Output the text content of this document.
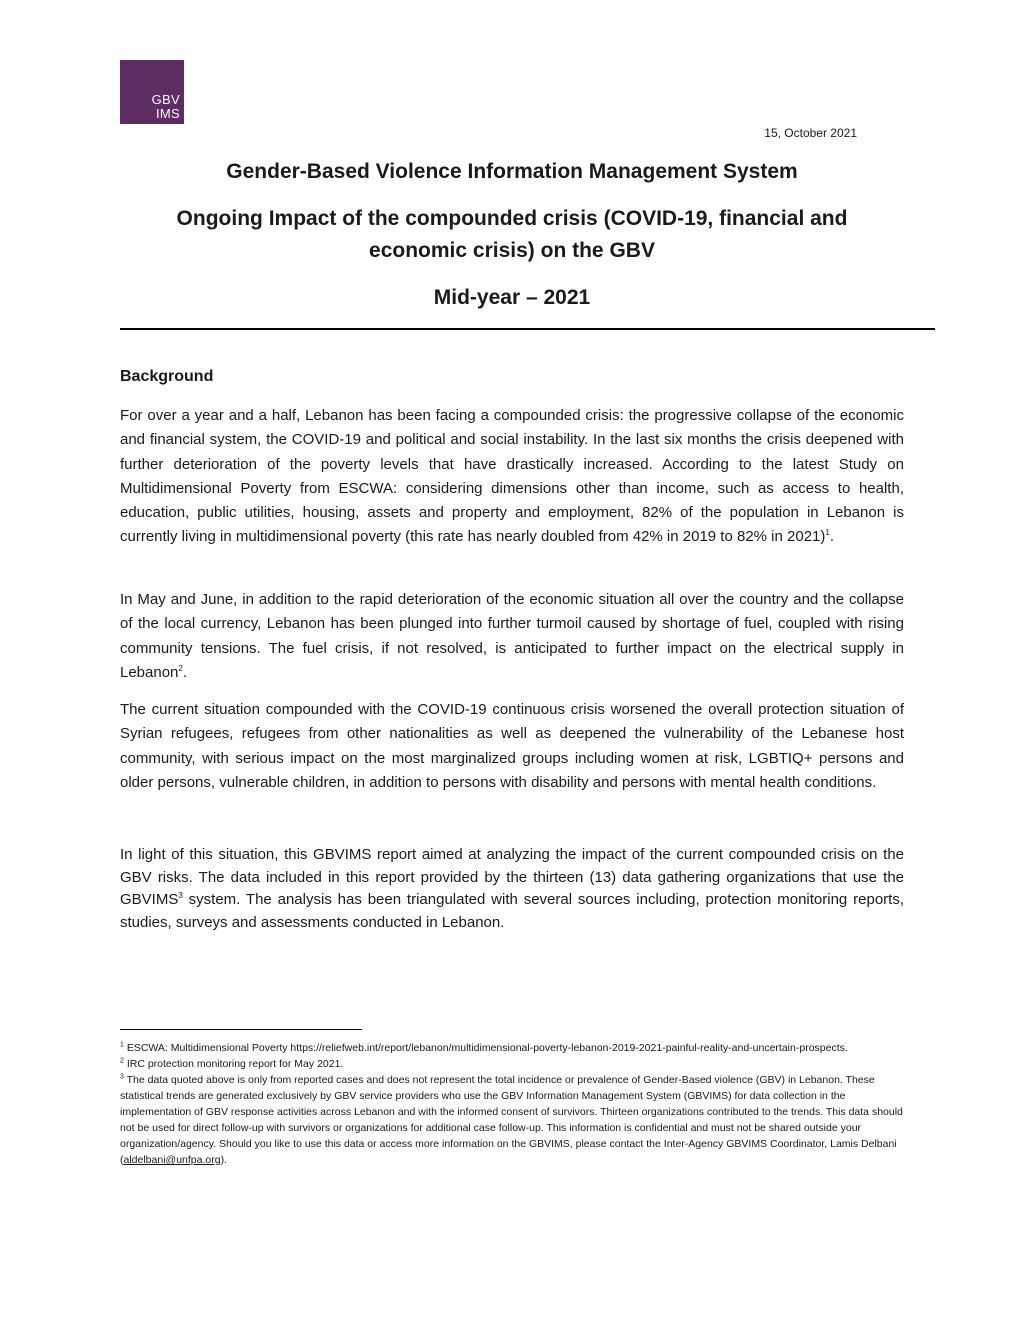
GBV
IMS
15, October 2021
Gender-Based Violence Information Management System
Ongoing Impact of the compounded crisis (COVID-19, financial and
economic crisis) on the GBV
Mid-year – 2021
Background

For over a year and a half, Lebanon has been facing a compounded crisis: the progressive collapse of the economic and financial system, the COVID-19 and political and social instability. In the last six months the crisis deepened with further deterioration of the poverty levels that have drastically increased. According to the latest Study on Multidimensional Poverty from ESCWA: considering dimensions other than income, such as access to health, education, public utilities, housing, assets and property and employment, 82% of the population in Lebanon is currently living in multidimensional poverty (this rate has nearly doubled from 42% in 2019 to 82% in 2021)$^1$.

In May and June, in addition to the rapid deterioration of the economic situation all over the country and the collapse of the local currency, Lebanon has been plunged into further turmoil caused by shortage of fuel, coupled with rising community tensions. The fuel crisis, if not resolved, is anticipated to further impact on the electrical supply in Lebanon$^2$.

The current situation compounded with the COVID-19 continuous crisis worsened the overall protection situation of Syrian refugees, refugees from other nationalities as well as deepened the vulnerability of the Lebanese host community, with serious impact on the most marginalized groups including women at risk, LGBTIQ+ persons and older persons, vulnerable children, in addition to persons with disability and persons with mental health conditions.

In light of this situation, this GBVIMS report aimed at analyzing the impact of the current compounded crisis on the GBV risks. The data included in this report provided by the thirteen (13) data gathering organizations that use the GBVIMS$^3$ system. The analysis has been triangulated with several sources including, protection monitoring reports, studies, surveys and assessments conducted in Lebanon.

$^1$ ESCWA: Multidimensional Poverty https://reliefweb.int/report/lebanon/multidimensional-poverty-lebanon-2019-2021-painful-reality-and-uncertain-prospects.

$^2$ IRC protection monitoring report for May 2021.

$^3$ The data quoted above is only from reported cases and does not represent the total incidence or prevalence of Gender-Based violence (GBV) in Lebanon. These statistical trends are generated exclusively by GBV service providers who use the GBV Information Management System (GBVIMS) for data collection in the implementation of GBV response activities across Lebanon and with the informed consent of survivors. Thirteen organizations contributed to the trends. This data should not be used for direct follow-up with survivors or organizations for additional case follow-up. This information is confidential and must not be shared outside your organization/agency. Should you like to use this data or access more information on the GBVIMS, please contact the Inter-Agency GBVIMS Coordinator, Lamis Delbani (aldelbani@unfpa.org).
